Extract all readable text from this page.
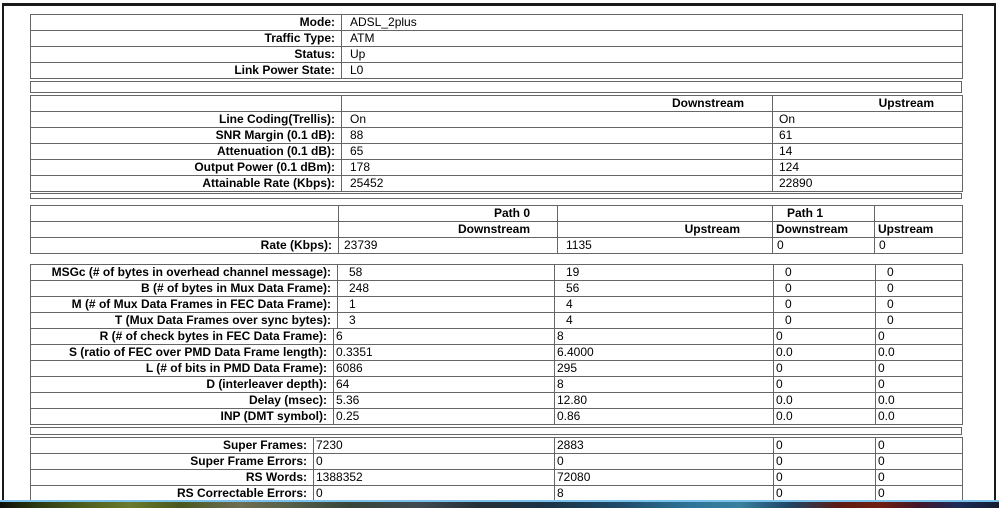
Mode:	ADSL_2plus
Traffic Type:	ATM
Status:	Up
Link Power State:	L0
	Downstream	Upstream
Line Coding(Trellis):	On	On
SNR Margin (0.1 dB):	88	61
Attenuation (0.1 dB):	65	14
Output Power (0.1 dBm):	178	124
Attainable Rate (Kbps):	25452	22890
	Path 0		Path 1	
	Downstream	Upstream	Downstream	Upstream
Rate (Kbps):	23739	1135	0	0
MSGc (# of bytes in overhead channel message):	58	19	0	0
B (# of bytes in Mux Data Frame):	248	56	0	0
M (# of Mux Data Frames in FEC Data Frame):	1	4	0	0
T (Mux Data Frames over sync bytes):	3	4	0	0
R (# of check bytes in FEC Data Frame):	6	8	0	0
S (ratio of FEC over PMD Data Frame length):	0.3351	6.4000	0.0	0.0
L (# of bits in PMD Data Frame):	6086	295	0	0
D (interleaver depth):	64	8	0	0
Delay (msec):	5.36	12.80	0.0	0.0
INP (DMT symbol):	0.25	0.86	0.0	0.0
Super Frames:	7230	2883	0	0
Super Frame Errors:	0	0	0	0
RS Words:	1388352	72080	0	0
RS Correctable Errors:	0	8	0	0
